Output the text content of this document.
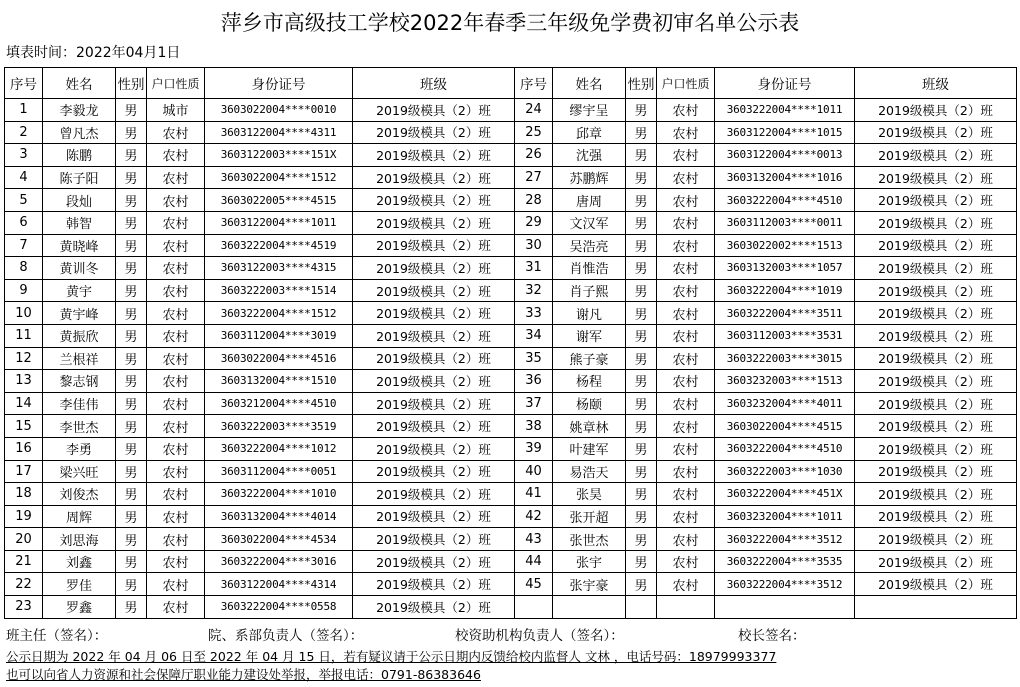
萍乡市高级技工学校2022年春季三年级免学费初审名单公示表
填表时间：2022年04月1日
序号	姓名	性别	户口性质	身份证号	班级	序号	姓名	性别	户口性质	身份证号	班级
1	李毅龙	男	城市	3603022004****0010	2019级模具（2）班	24	缪宇呈	男	农村	3603222004****1011	2019级模具（2）班
2	曾凡杰	男	农村	3603122004****4311	2019级模具（2）班	25	邱章	男	农村	3603122004****1015	2019级模具（2）班
3	陈鹏	男	农村	3603122003****151X	2019级模具（2）班	26	沈强	男	农村	3603122004****0013	2019级模具（2）班
4	陈子阳	男	农村	3603022004****1512	2019级模具（2）班	27	苏鹏辉	男	农村	3603132004****1016	2019级模具（2）班
5	段灿	男	农村	3603022005****4515	2019级模具（2）班	28	唐周	男	农村	3603222004****4510	2019级模具（2）班
6	韩智	男	农村	3603122004****1011	2019级模具（2）班	29	文汉军	男	农村	3603112003****0011	2019级模具（2）班
7	黄晓峰	男	农村	3603222004****4519	2019级模具（2）班	30	吴浩亮	男	农村	3603022002****1513	2019级模具（2）班
8	黄训冬	男	农村	3603122003****4315	2019级模具（2）班	31	肖惟浩	男	农村	3603132003****1057	2019级模具（2）班
9	黄宇	男	农村	3603222003****1514	2019级模具（2）班	32	肖子熙	男	农村	3603222004****1019	2019级模具（2）班
10	黄宇峰	男	农村	3603222004****1512	2019级模具（2）班	33	谢凡	男	农村	3603222004****3511	2019级模具（2）班
11	黄振欣	男	农村	3603112004****3019	2019级模具（2）班	34	谢军	男	农村	3603112003****3531	2019级模具（2）班
12	兰根祥	男	农村	3603022004****4516	2019级模具（2）班	35	熊子豪	男	农村	3603222003****3015	2019级模具（2）班
13	黎志钢	男	农村	3603132004****1510	2019级模具（2）班	36	杨程	男	农村	3603232003****1513	2019级模具（2）班
14	李佳伟	男	农村	3603212004****4510	2019级模具（2）班	37	杨颐	男	农村	3603232004****4011	2019级模具（2）班
15	李世杰	男	农村	3603222003****3519	2019级模具（2）班	38	姚章林	男	农村	3603022004****4515	2019级模具（2）班
16	李勇	男	农村	3603222004****1012	2019级模具（2）班	39	叶建军	男	农村	3603222004****4510	2019级模具（2）班
17	梁兴旺	男	农村	3603112004****0051	2019级模具（2）班	40	易浩天	男	农村	3603222003****1030	2019级模具（2）班
18	刘俊杰	男	农村	3603222004****1010	2019级模具（2）班	41	张昊	男	农村	3603222004****451X	2019级模具（2）班
19	周辉	男	农村	3603132004****4014	2019级模具（2）班	42	张开超	男	农村	3603232004****1011	2019级模具（2）班
20	刘思海	男	农村	3603022004****4534	2019级模具（2）班	43	张世杰	男	农村	3603222004****3512	2019级模具（2）班
21	刘鑫	男	农村	3603222004****3016	2019级模具（2）班	44	张宇	男	农村	3603222004****3535	2019级模具（2）班
22	罗佳	男	农村	3603122004****4314	2019级模具（2）班	45	张宇豪	男	农村	3603222004****3512	2019级模具（2）班
23	罗鑫	男	农村	3603222004****0558	2019级模具（2）班						
班主任（签名）：	院、系部负责人（签名）：	校资助机构负责人（签名）：	校长签名：
公示日期为 2022 年 04 月 06 日至 2022 年 04 月 15 日，若有疑议请于公示日期内反馈给校内监督人 文林 ，电话号码：18979993377
也可以向省人力资源和社会保障厅职业能力建设处举报，举报电话：0791-86383646
